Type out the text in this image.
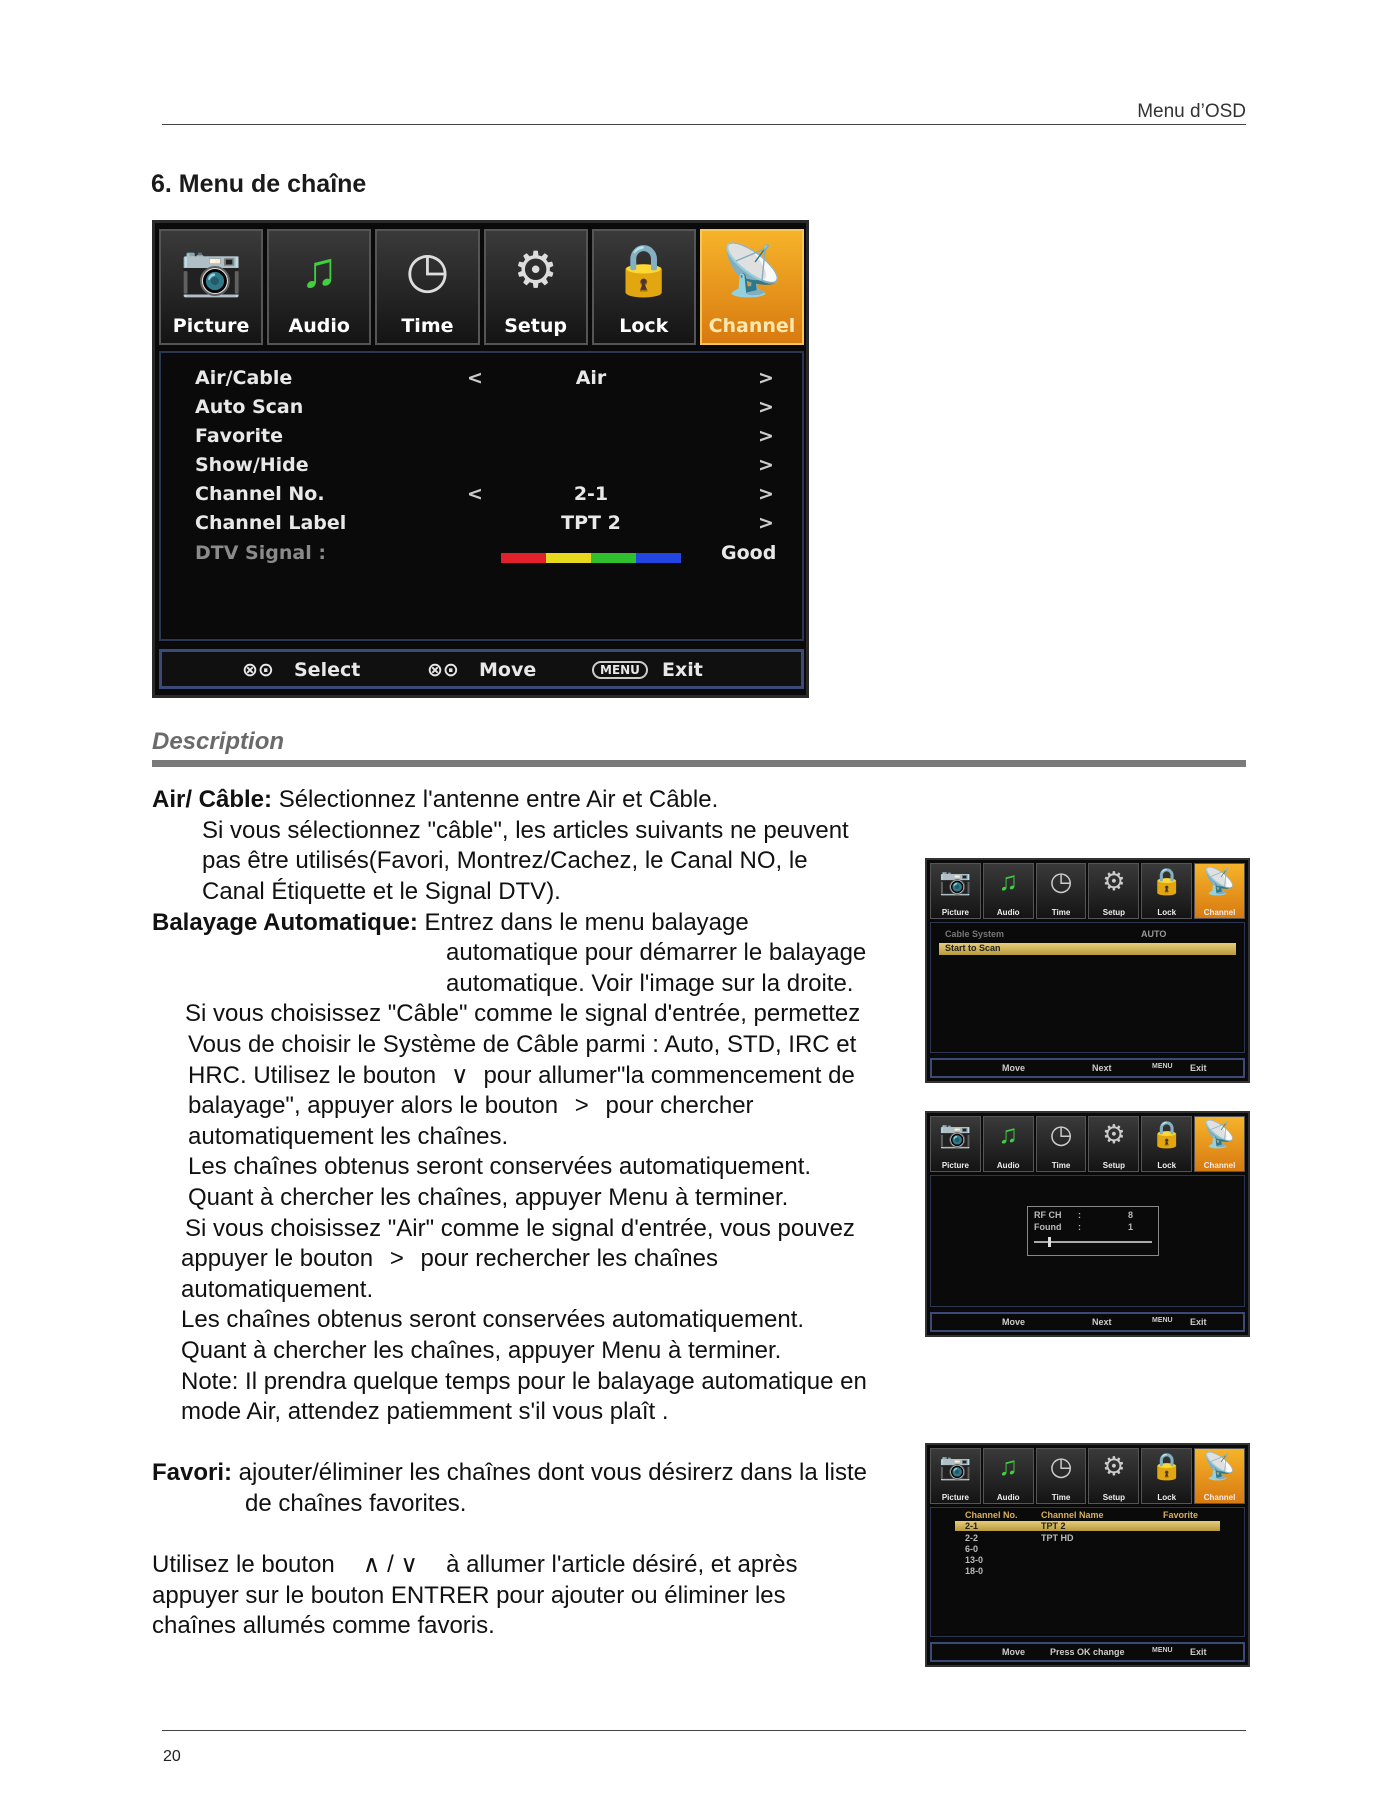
Menu d’OSD
6. Menu de chaîne
📷
Picture
♫
Audio
◷
Time
⚙
Setup
🔒
Lock
📡
Channel
Air/Cable	<	Air	>
Auto Scan	>
Favorite	>
Show/Hide	>
Channel No.	<	2-1	>
Channel Label	TPT 2	>
DTV Signal :	Good
⊗⊙ Select	⊗⊙ Move	MENU	Exit
Description
Air/ Câble: Sélectionnez l'antenne entre Air et Câble.
Si vous sélectionnez "câble", les articles suivants ne peuvent
pas être utilisés(Favori, Montrez/Cachez, le Canal NO, le
Canal Étiquette et le Signal DTV).
Balayage Automatique: Entrez dans le menu balayage
automatique pour démarrer le balayage
automatique. Voir l'image sur la droite.
Si vous choisissez "Câble" comme le signal d'entrée, permettez
Vous de choisir le Système de Câble parmi : Auto, STD, IRC et
HRC. Utilisez le bouton ∨ pour allumer"la commencement de
balayage", appuyer alors le bouton > pour chercher
automatiquement les chaînes.
Les chaînes obtenus seront conservées automatiquement.
Quant à chercher les chaînes, appuyer Menu à terminer.
Si vous choisissez "Air" comme le signal d'entrée, vous pouvez
appuyer le bouton > pour rechercher les chaînes
automatiquement.
Les chaînes obtenus seront conservées automatiquement.
Quant à chercher les chaînes, appuyer Menu à terminer.
Note: Il prendra quelque temps pour le balayage automatique en
mode Air, attendez patiemment s'il vous plaît .
Favori: ajouter/éliminer les chaînes dont vous désirerz dans la liste
de chaînes favorites.
Utilisez le bouton ∧ / ∨ à allumer l'article désiré, et après
appuyer sur le bouton ENTRER pour ajouter ou éliminer les
chaînes allumés comme favoris.
📷
Picture
♫
Audio
◷
Time
⚙
Setup
🔒
Lock
📡
Channel
Cable System	AUTO
Start to Scan
Move	Next	MENU Exit
📷
Picture
♫
Audio
◷
Time
⚙
Setup
🔒
Lock
📡
Channel
RF CH :	8
Found :	1
Move	Next	MENU Exit
📷
Picture
♫
Audio
◷
Time
⚙
Setup
🔒
Lock
📡
Channel
Channel No.	Channel Name	Favorite
2-1	TPT 2
2-2	TPT HD
6-0
13-0
18-0
Move	Press OK change	MENU Exit
20
